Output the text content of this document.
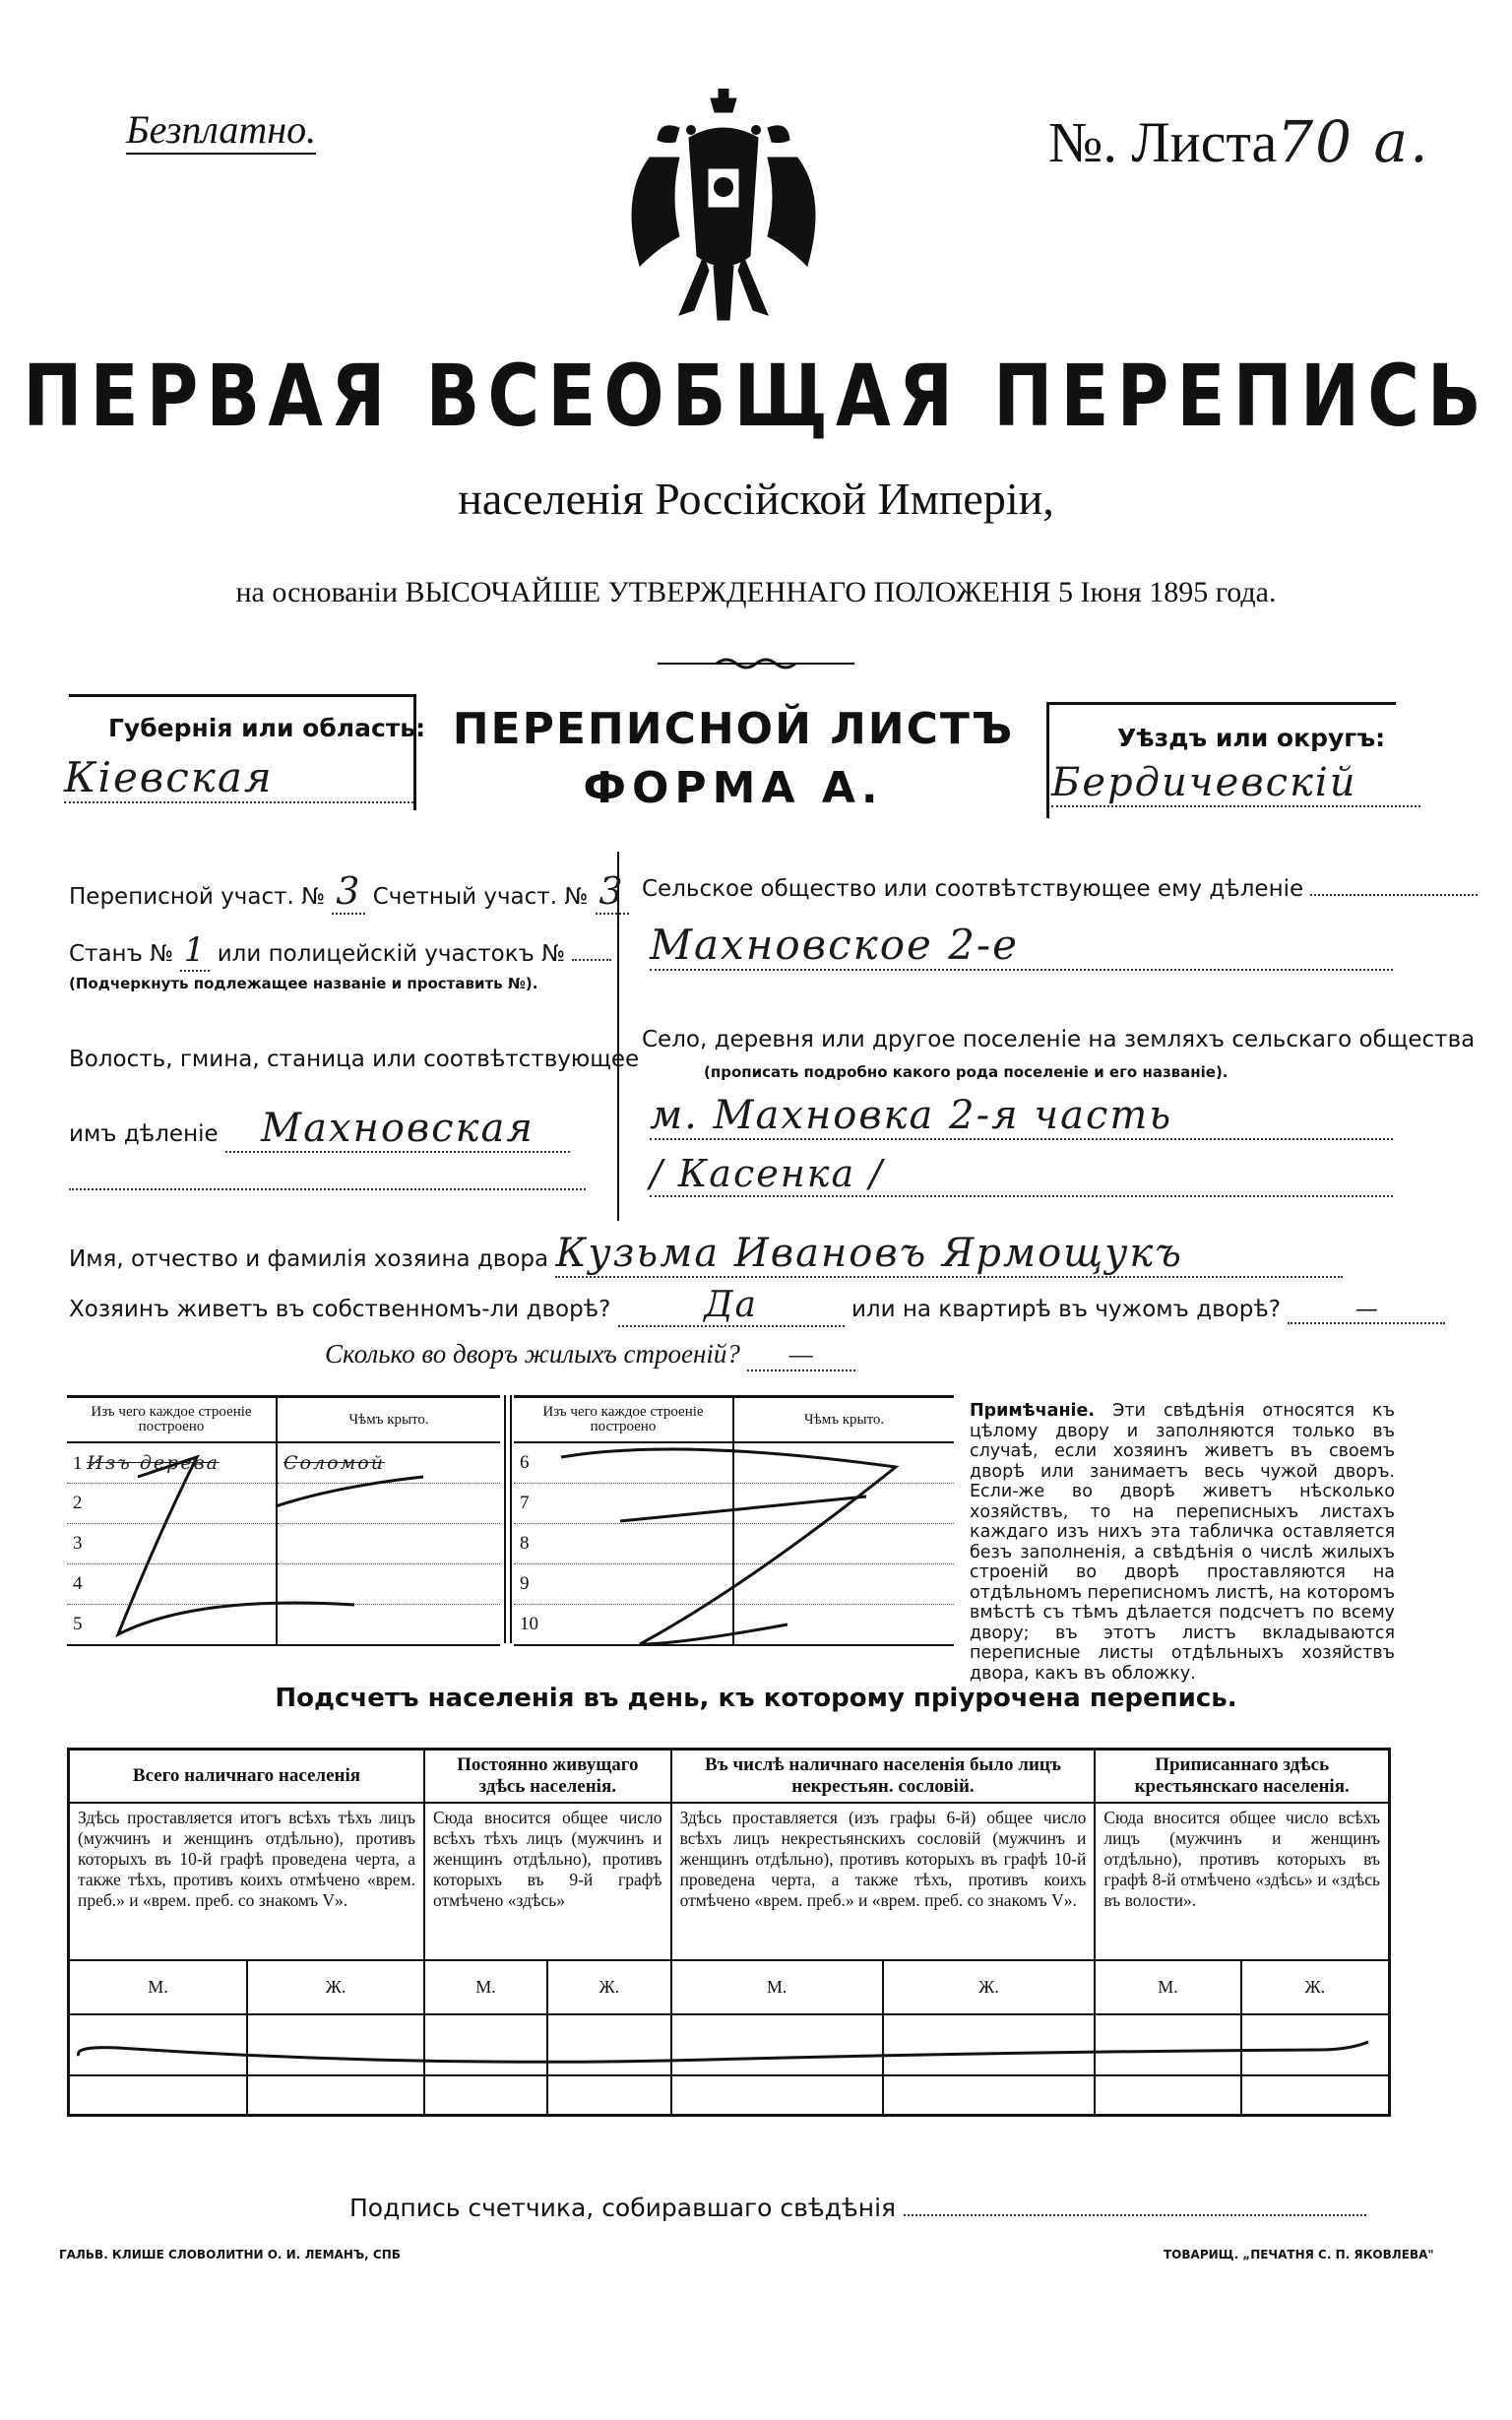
Безплатно.	№. Листа70 а.
ПЕРВАЯ ВСЕОБЩАЯ ПЕРЕПИСЬ
населенія Россійской Имперіи,
на основаніи ВЫСОЧАЙШЕ УТВЕРЖДЕННАГО ПОЛОЖЕНІЯ 5 Іюня 1895 года.
Губернія или область:
Кіевская
ПЕРЕПИСНОЙ ЛИСТЪ
ФОРМА А.
Уѣздъ или округъ:
Бердичевскій
Переписной участ. № 3 Счетный участ. № 3
Станъ № 1 или полицейскій участокъ №
(Подчеркнуть подлежащее названіе и проставить №).
Волость, гмина, станица или соотвѣтствующее
имъ дѣленіе Махновская
Сельское общество или соотвѣтствующее ему дѣленіе
Махновское 2-е
Село, деревня или другое поселеніе на земляхъ сельскаго общества
(прописать подробно какого рода поселеніе и его названіе).
м. Махновка 2-я часть
/ Касенка /
Имя, отчество и фамилія хозяина двора Кузьма Ивановъ Ярмощукъ
Хозяинъ живетъ въ собственномъ-ли дворѣ?	Да	или на квартирѣ въ чужомъ дворѣ?	—
Сколько во дворъ жилыхъ строеній? —
Изъ чего каждое строеніе построено	Чѣмъ крыто.
1 Изъ дерева	Соломой
2	
3	
4	
5	
Изъ чего каждое строеніе построено	Чѣмъ крыто.
6	
7	
8	
9	
10	
Примѣчаніе. Эти свѣдѣнія относятся къ цѣлому двору и заполняются только въ случаѣ, если хозяинъ живетъ въ своемъ дворѣ или занимаетъ весь чужой дворъ. Если-же во дворѣ живетъ нѣсколько хозяйствъ, то на переписныхъ листахъ каждаго изъ нихъ эта табличка оставляется безъ заполненія, а свѣдѣнія о числѣ жилыхъ строеній во дворѣ проставляются на отдѣльномъ переписномъ листѣ, на которомъ вмѣстѣ съ тѣмъ дѣлается подсчетъ по всему двору; въ этотъ листъ вкладываются переписные листы отдѣльныхъ хозяйствъ двора, какъ въ обложку.
Подсчетъ населенія въ день, къ которому пріурочена перепись.
Всего наличнаго населенія		Постоянно живущаго здѣсь населенія.		Въ числѣ наличнаго населенія было лицъ некрестьян. сословій.		Приписаннаго здѣсь крестьянскаго населенія.	
Здѣсь проставляется итогъ всѣхъ тѣхъ лицъ (мужчинъ и женщинъ отдѣльно), противъ которыхъ въ 10-й графѣ проведена черта, а также тѣхъ, противъ коихъ отмѣчено «врем. преб.» и «врем. преб. со знакомъ V».		Сюда вносится общее число всѣхъ тѣхъ лицъ (мужчинъ и женщинъ отдѣльно), противъ которыхъ въ 9-й графѣ отмѣчено «здѣсь»		Здѣсь проставляется (изъ графы 6-й) общее число всѣхъ лицъ некрестьянскихъ сословій (мужчинъ и женщинъ отдѣльно), противъ которыхъ въ графѣ 10-й проведена черта, а также тѣхъ, противъ коихъ отмѣчено «врем. преб.» и «врем. преб. со знакомъ V».		Сюда вносится общее число всѣхъ лицъ (мужчинъ и женщинъ отдѣльно), противъ которыхъ въ графѣ 8-й отмѣчено «здѣсь» и «здѣсь въ волости».	
М.	Ж.	М.	Ж.	М.	Ж.	М.	Ж.

Подпись счетчика, собиравшаго свѣдѣнія
ГАЛЬВ. КЛИШЕ СЛОВОЛИТНИ О. И. ЛЕМАНЪ, СПБ	ТОВАРИЩ. „ПЕЧАТНЯ С. П. ЯКОВЛЕВА"
